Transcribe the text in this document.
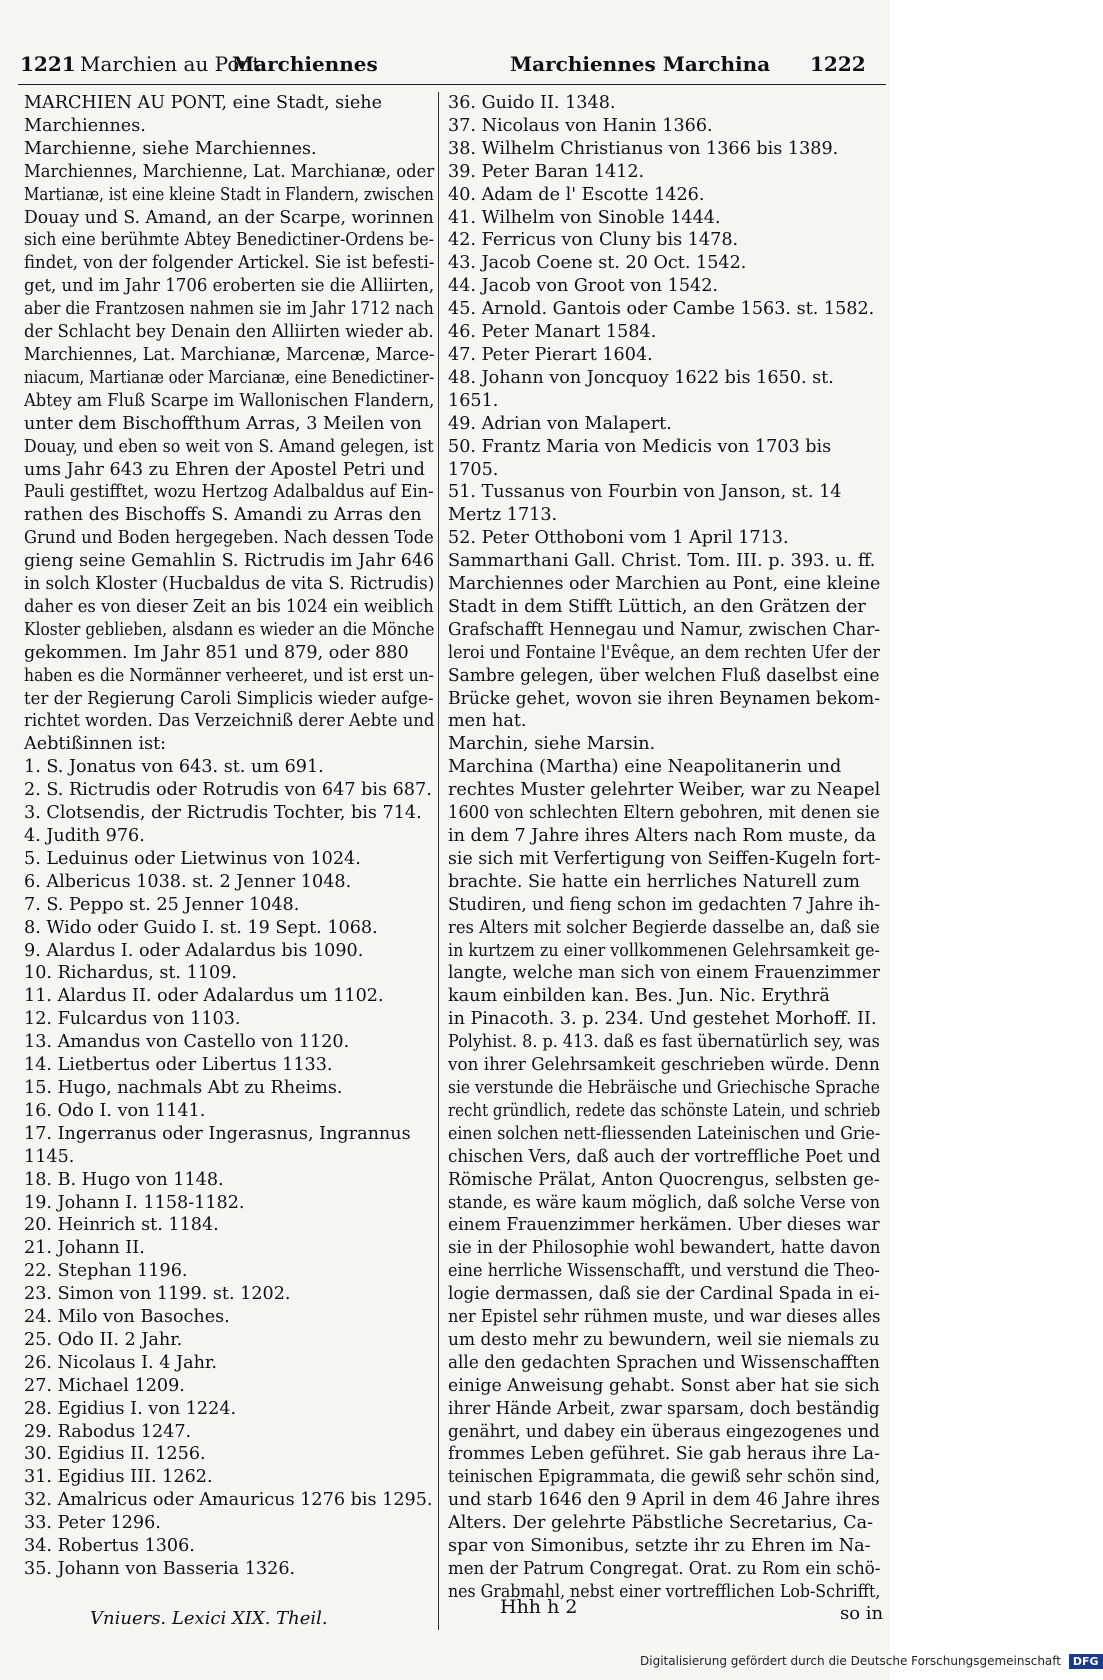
1221 Marchien au Pont
Marchiennes	Marchiennes Marchina 1222
MARCHIEN AU PONT, eine Stadt, siehe
Marchiennes.
Marchienne, siehe Marchiennes.
Marchiennes, Marchienne, Lat. Marchianæ, oder
Martianæ, ist eine kleine Stadt in Flandern, zwischen
Douay und S. Amand, an der Scarpe, worinnen
sich eine berühmte Abtey Benedictiner-Ordens be-
findet, von der folgender Artickel. Sie ist befesti-
get, und im Jahr 1706 eroberten sie die Alliirten,
aber die Frantzosen nahmen sie im Jahr 1712 nach
der Schlacht bey Denain den Alliirten wieder ab.
Marchiennes, Lat. Marchianæ, Marcenæ, Marce-
niacum, Martianæ oder Marcianæ, eine Benedictiner-
Abtey am Fluß Scarpe im Wallonischen Flandern,
unter dem Bischoffthum Arras, 3 Meilen von
Douay, und eben so weit von S. Amand gelegen, ist
ums Jahr 643 zu Ehren der Apostel Petri und
Pauli gestifftet, wozu Hertzog Adalbaldus auf Ein-
rathen des Bischoffs S. Amandi zu Arras den
Grund und Boden hergegeben. Nach dessen Tode
gieng seine Gemahlin S. Rictrudis im Jahr 646
in solch Kloster (Hucbaldus de vita S. Rictrudis)
daher es von dieser Zeit an bis 1024 ein weiblich
Kloster geblieben, alsdann es wieder an die Mönche
gekommen. Im Jahr 851 und 879, oder 880
haben es die Normänner verheeret, und ist erst un-
ter der Regierung Caroli Simplicis wieder aufge-
richtet worden. Das Verzeichniß derer Aebte und
Aebtißinnen ist:
1. S. Jonatus von 643. st. um 691.
2. S. Rictrudis oder Rotrudis von 647 bis 687.
3. Clotsendis, der Rictrudis Tochter, bis 714.
4. Judith 976.
5. Leduinus oder Lietwinus von 1024.
6. Albericus 1038. st. 2 Jenner 1048.
7. S. Peppo st. 25 Jenner 1048.
8. Wido oder Guido I. st. 19 Sept. 1068.
9. Alardus I. oder Adalardus bis 1090.
10. Richardus, st. 1109.
11. Alardus II. oder Adalardus um 1102.
12. Fulcardus von 1103.
13. Amandus von Castello von 1120.
14. Lietbertus oder Libertus 1133.
15. Hugo, nachmals Abt zu Rheims.
16. Odo I. von 1141.
17. Ingerranus oder Ingerasnus, Ingrannus
1145.
18. B. Hugo von 1148.
19. Johann I. 1158-1182.
20. Heinrich st. 1184.
21. Johann II.
22. Stephan 1196.
23. Simon von 1199. st. 1202.
24. Milo von Basoches.
25. Odo II. 2 Jahr.
26. Nicolaus I. 4 Jahr.
27. Michael 1209.
28. Egidius I. von 1224.
29. Rabodus 1247.
30. Egidius II. 1256.
31. Egidius III. 1262.
32. Amalricus oder Amauricus 1276 bis 1295.
33. Peter 1296.
34. Robertus 1306.
35. Johann von Basseria 1326.
36. Guido II. 1348.
37. Nicolaus von Hanin 1366.
38. Wilhelm Christianus von 1366 bis 1389.
39. Peter Baran 1412.
40. Adam de l' Escotte 1426.
41. Wilhelm von Sinoble 1444.
42. Ferricus von Cluny bis 1478.
43. Jacob Coene st. 20 Oct. 1542.
44. Jacob von Groot von 1542.
45. Arnold. Gantois oder Cambe 1563. st. 1582.
46. Peter Manart 1584.
47. Peter Pierart 1604.
48. Johann von Joncquoy 1622 bis 1650. st.
1651.
49. Adrian von Malapert.
50. Frantz Maria von Medicis von 1703 bis
1705.
51. Tussanus von Fourbin von Janson, st. 14
Mertz 1713.
52. Peter Otthoboni vom 1 April 1713.
Sammarthani Gall. Christ. Tom. III. p. 393. u. ff.
Marchiennes oder Marchien au Pont, eine kleine
Stadt in dem Stifft Lüttich, an den Grätzen der
Grafschafft Hennegau und Namur, zwischen Char-
leroi und Fontaine l'Evêque, an dem rechten Ufer der
Sambre gelegen, über welchen Fluß daselbst eine
Brücke gehet, wovon sie ihren Beynamen bekom-
men hat.
Marchin, siehe Marsin.
Marchina (Martha) eine Neapolitanerin und
rechtes Muster gelehrter Weiber, war zu Neapel
1600 von schlechten Eltern gebohren, mit denen sie
in dem 7 Jahre ihres Alters nach Rom muste, da
sie sich mit Verfertigung von Seiffen-Kugeln fort-
brachte. Sie hatte ein herrliches Naturell zum
Studiren, und fieng schon im gedachten 7 Jahre ih-
res Alters mit solcher Begierde dasselbe an, daß sie
in kurtzem zu einer vollkommenen Gelehrsamkeit ge-
langte, welche man sich von einem Frauenzimmer
kaum einbilden kan. Bes. Jun. Nic. Erythrä
in Pinacoth. 3. p. 234. Und gestehet Morhoff. II.
Polyhist. 8. p. 413. daß es fast übernatürlich sey, was
von ihrer Gelehrsamkeit geschrieben würde. Denn
sie verstunde die Hebräische und Griechische Sprache
recht gründlich, redete das schönste Latein, und schrieb
einen solchen nett-fliessenden Lateinischen und Grie-
chischen Vers, daß auch der vortreffliche Poet und
Römische Prälat, Anton Quocrengus, selbsten ge-
stande, es wäre kaum möglich, daß solche Verse von
einem Frauenzimmer herkämen. Uber dieses war
sie in der Philosophie wohl bewandert, hatte davon
eine herrliche Wissenschafft, und verstund die Theo-
logie dermassen, daß sie der Cardinal Spada in ei-
ner Epistel sehr rühmen muste, und war dieses alles
um desto mehr zu bewundern, weil sie niemals zu
alle den gedachten Sprachen und Wissenschafften
einige Anweisung gehabt. Sonst aber hat sie sich
ihrer Hände Arbeit, zwar sparsam, doch beständig
genährt, und dabey ein überaus eingezogenes und
frommes Leben geführet. Sie gab heraus ihre La-
teinischen Epigrammata, die gewiß sehr schön sind,
und starb 1646 den 9 April in dem 46 Jahre ihres
Alters. Der gelehrte Päbstliche Secretarius, Ca-
spar von Simonibus, setzte ihr zu Ehren im Na-
men der Patrum Congregat. Orat. zu Rom ein schö-
nes Grabmahl, nebst einer vortrefflichen Lob-Schrifft,
Vniuers. Lexici XIX. Theil.
Hhh h 2	so in
Digitalisierung gefördert durch die Deutsche Forschungsgemeinschaft DFG
